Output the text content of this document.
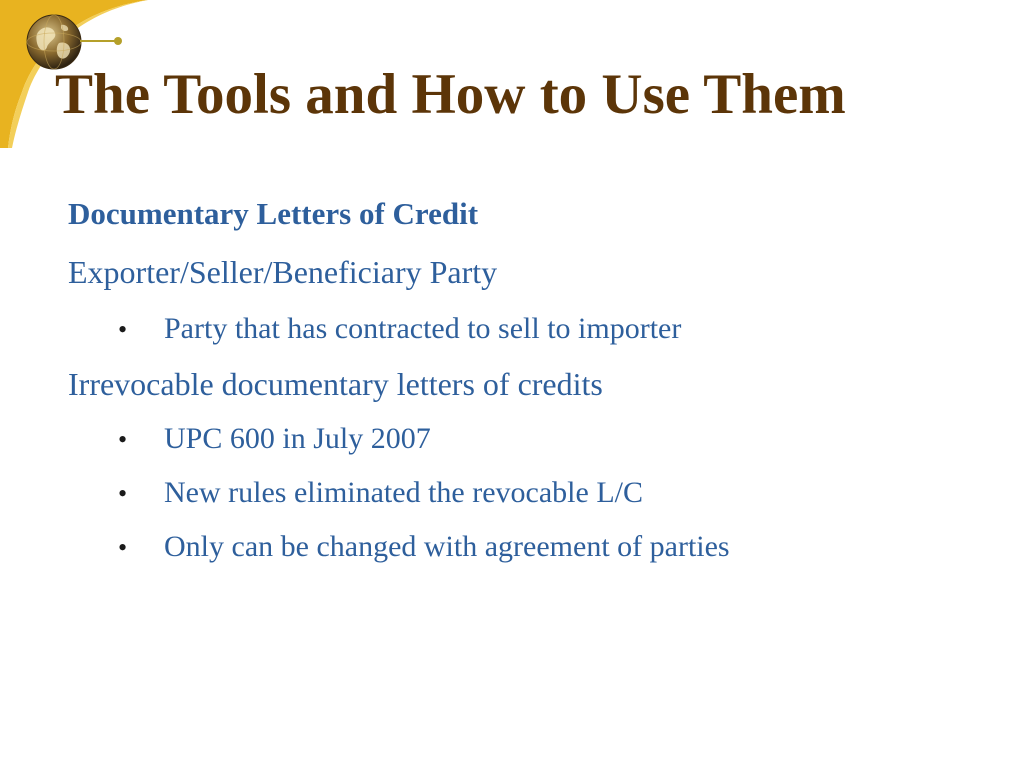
The Tools and How to Use Them
Documentary Letters of Credit
Exporter/Seller/Beneficiary Party
• Party that has contracted to sell to importer
Irrevocable documentary letters of credits
• UPC 600 in July 2007
• New rules eliminated the revocable L/C
• Only can be changed with agreement of parties
